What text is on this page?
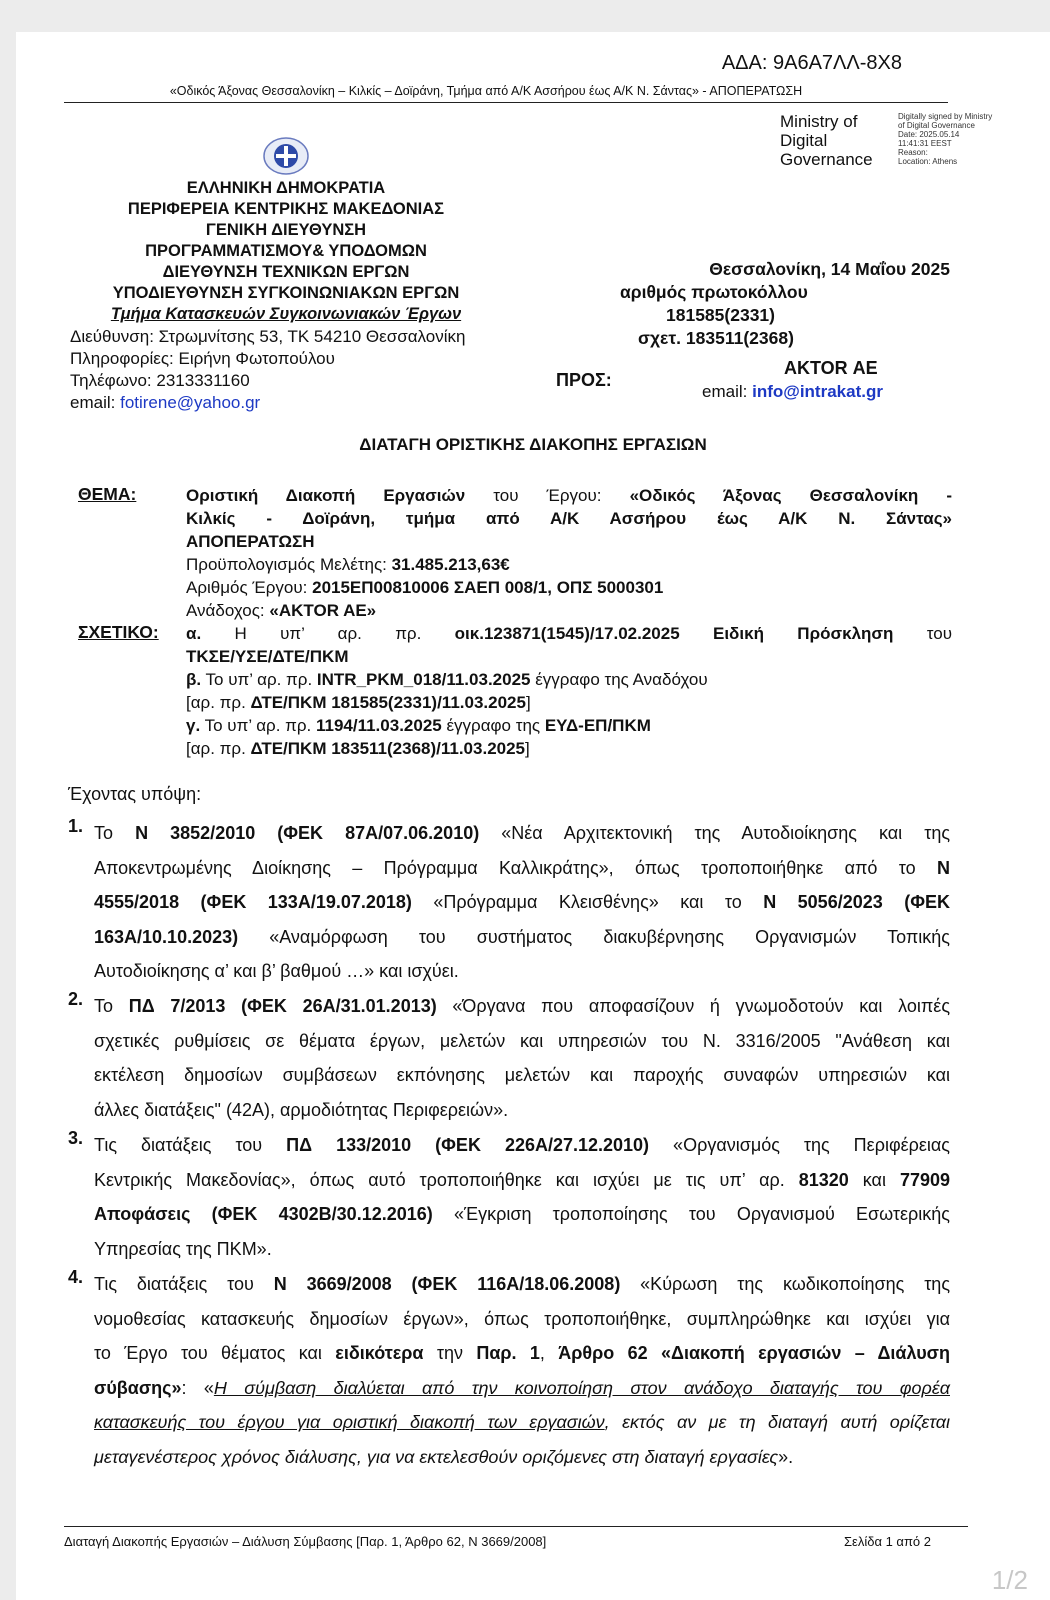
ΑΔΑ: 9Α6Α7ΛΛ-8Χ8
«Οδικός Άξονας Θεσσαλονίκη – Κιλκίς – Δοϊράνη, Τμήμα από Α/Κ Ασσήρου έως Α/Κ Ν. Σάντας» - ΑΠΟΠΕΡΑΤΩΣΗ
Ministry of
Digital
Governance
Digitally signed by Ministry
of Digital Governance
Date: 2025.05.14
11:41:31 EEST
Reason:
Location: Athens
ΕΛΛΗΝΙΚΗ ΔΗΜΟΚΡΑΤΙΑ
ΠΕΡΙΦΕΡΕΙΑ ΚΕΝΤΡΙΚΗΣ ΜΑΚΕΔΟΝΙΑΣ
ΓΕΝΙΚΗ ΔΙΕΥΘΥΝΣΗ
ΠΡΟΓΡΑΜΜΑΤΙΣΜΟΥ& ΥΠΟΔΟΜΩΝ
ΔΙΕΥΘΥΝΣΗ ΤΕΧΝΙΚΩΝ ΕΡΓΩΝ
ΥΠΟΔΙΕΥΘΥΝΣΗ ΣΥΓΚΟΙΝΩΝΙΑΚΩΝ ΕΡΓΩΝ
Τμήμα Κατασκευών Συγκοινωνιακών Έργων
Διεύθυνση: Στρωμνίτσης 53, ΤΚ 54210 Θεσσαλονίκη
Πληροφορίες: Ειρήνη Φωτοπούλου
Τηλέφωνο: 2313331160
email: fotirene@yahoo.gr
Θεσσαλονίκη, 14 Μαΐου 2025
αριθμός πρωτοκόλλου
181585(2331)
σχετ. 183511(2368)
ΠΡΟΣ:
ΑΚΤΟR ΑΕ
email: info@intrakat.gr
ΔΙΑΤΑΓΗ ΟΡΙΣΤΙΚΗΣ ΔΙΑΚΟΠΗΣ ΕΡΓΑΣΙΩΝ
ΘΕΜΑ:	Οριστική Διακοπή Εργασιών του Έργου: «Οδικός Άξονας Θεσσαλονίκη -
Κιλκίς - Δοϊράνη, τμήμα από Α/Κ Ασσήρου έως Α/Κ Ν. Σάντας»
ΑΠΟΠΕΡΑΤΩΣΗ
Προϋπολογισμός Μελέτης: 31.485.213,63€
Αριθμός Έργου: 2015ΕΠ00810006 ΣΑΕΠ 008/1, ΟΠΣ 5000301
Ανάδοχος: «AKTOR AE»
ΣΧΕΤΙΚΟ: α. Η υπ’ αρ. πρ. οικ.123871(1545)/17.02.2025 Ειδική Πρόσκληση του
ΤΚΣΕ/ΥΣΕ/ΔΤΕ/ΠΚΜ
β. Το υπ’ αρ. πρ. INTR_PKM_018/11.03.2025 έγγραφο της Αναδόχου
[αρ. πρ. ΔΤΕ/ΠΚΜ 181585(2331)/11.03.2025]
γ. Το υπ’ αρ. πρ. 1194/11.03.2025 έγγραφο της ΕΥΔ-ΕΠ/ΠΚΜ
[αρ. πρ. ΔΤΕ/ΠΚΜ 183511(2368)/11.03.2025]
Έχοντας υπόψη:
1. Το Ν 3852/2010 (ΦΕΚ 87Α/07.06.2010) «Νέα Αρχιτεκτονική της Αυτοδιοίκησης και της
Αποκεντρωμένης Διοίκησης – Πρόγραμμα Καλλικράτης», όπως τροποποιήθηκε από το Ν
4555/2018 (ΦΕΚ 133Α/19.07.2018) «Πρόγραμμα Κλεισθένης» και το Ν 5056/2023 (ΦΕΚ
163Α/10.10.2023) «Αναμόρφωση του συστήματος διακυβέρνησης Οργανισμών Τοπικής
Αυτοδιοίκησης α’ και β’ βαθμού …» και ισχύει.
2. Το ΠΔ 7/2013 (ΦΕΚ 26Α/31.01.2013) «Όργανα που αποφασίζουν ή γνωμοδοτούν και λοιπές
σχετικές ρυθμίσεις σε θέματα έργων, μελετών και υπηρεσιών του Ν. 3316/2005 "Ανάθεση και
εκτέλεση δημοσίων συμβάσεων εκπόνησης μελετών και παροχής συναφών υπηρεσιών και
άλλες διατάξεις" (42Α), αρμοδιότητας Περιφερειών».
3. Τις διατάξεις του ΠΔ 133/2010 (ΦΕΚ 226Α/27.12.2010) «Οργανισμός της Περιφέρειας
Κεντρικής Μακεδονίας», όπως αυτό τροποποιήθηκε και ισχύει με τις υπ’ αρ. 81320 και 77909
Αποφάσεις (ΦΕΚ 4302Β/30.12.2016) «Έγκριση τροποποίησης του Οργανισμού Εσωτερικής
Υπηρεσίας της ΠΚΜ».
4. Τις διατάξεις του Ν 3669/2008 (ΦΕΚ 116Α/18.06.2008) «Κύρωση της κωδικοποίησης της
νομοθεσίας κατασκευής δημοσίων έργων», όπως τροποποιήθηκε, συμπληρώθηκε και ισχύει για
το Έργο του θέματος και ειδικότερα την Παρ. 1, Άρθρο 62 «Διακοπή εργασιών – Διάλυση
σύβασης»: «Η σύμβαση διαλύεται από την κοινοποίηση στον ανάδοχο διαταγής του φορέα
κατασκευής του έργου για οριστική διακοπή των εργασιών, εκτός αν με τη διαταγή αυτή ορίζεται
μεταγενέστερος χρόνος διάλυσης, για να εκτελεσθούν οριζόμενες στη διαταγή εργασίες».
Διαταγή Διακοπής Εργασιών – Διάλυση Σύμβασης [Παρ. 1, Άρθρο 62, Ν 3669/2008]	Σελίδα 1 από 2
1/2
